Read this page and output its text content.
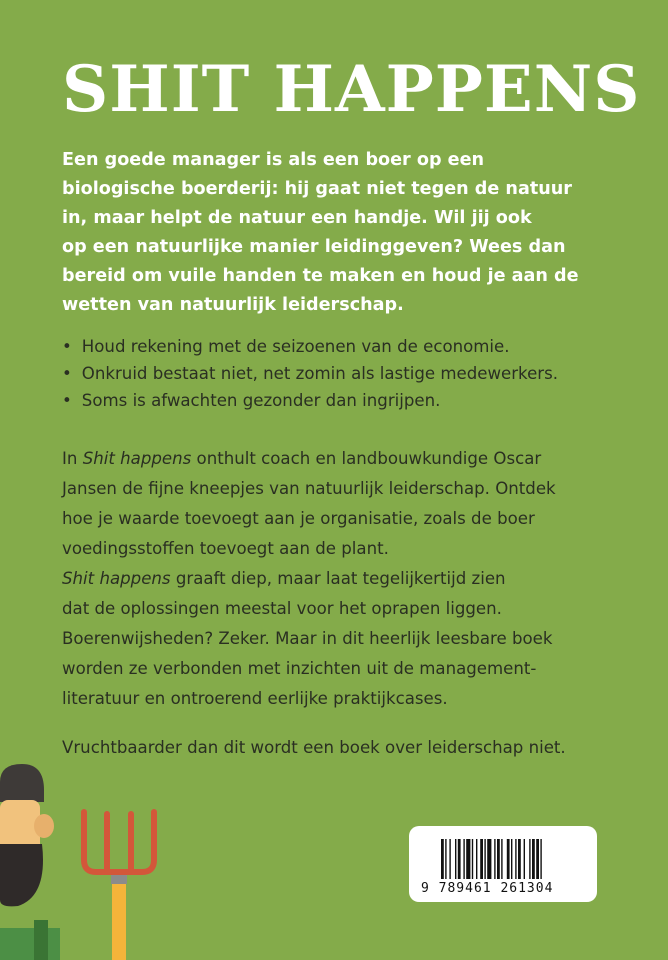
SHIT HAPPENS

Een goede manager is als een boer op een
biologische boerderij: hij gaat niet tegen de natuur
in, maar helpt de natuur een handje. Wil jij ook
op een natuurlijke manier leidinggeven? Wees dan
bereid om vuile handen te maken en houd je aan de
wetten van natuurlijk leiderschap.

• Houd rekening met de seizoenen van de economie.
• Onkruid bestaat niet, net zomin als lastige medewerkers.
• Soms is afwachten gezonder dan ingrijpen.

In Shit happens onthult coach en landbouwkundige Oscar
Jansen de fijne kneepjes van natuurlijk leiderschap. Ontdek
hoe je waarde toevoegt aan je organisatie, zoals de boer
voedingsstoffen toevoegt aan de plant.

Shit happens graaft diep, maar laat tegelijkertijd zien
dat de oplossingen meestal voor het oprapen liggen.
Boerenwijsheden? Zeker. Maar in dit heerlijk leesbare boek
worden ze verbonden met inzichten uit de management-
literatuur en ontroerend eerlijke praktijkcases.

Vruchtbaarder dan dit wordt een boek over leiderschap niet.

9 789461 261304
